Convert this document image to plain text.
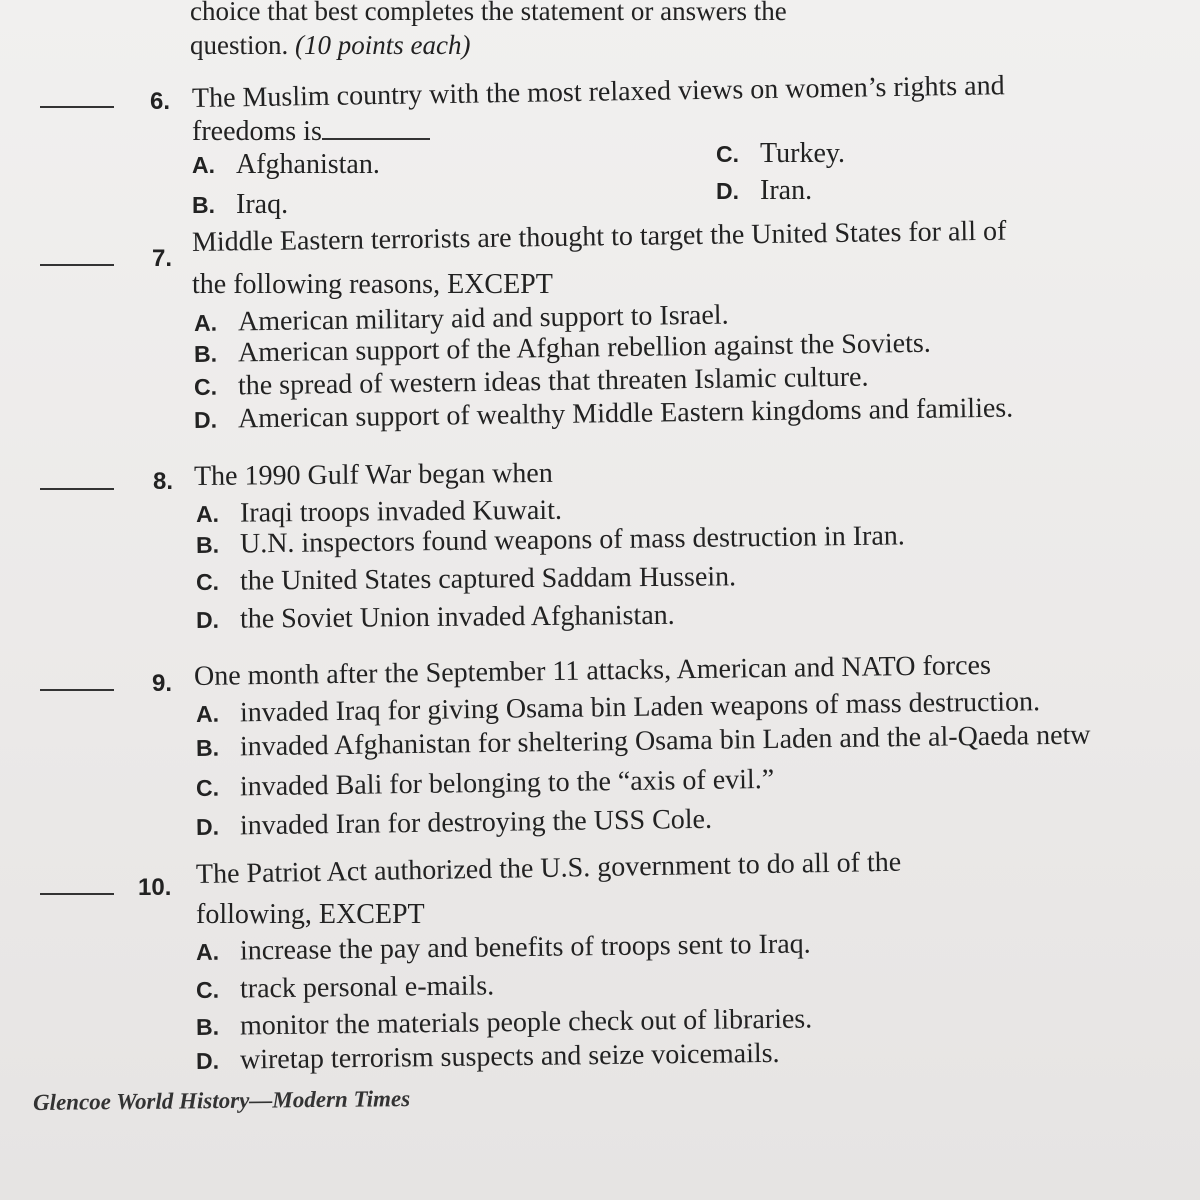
choice that best completes the statement or answers the
question. (10 points each)
6. The Muslim country with the most relaxed views on women’s rights and
freedoms is
A. Afghanistan.
B. Iraq.
C. Turkey.
D. Iran.
7.
Middle Eastern terrorists are thought to target the United States for all of
the following reasons, EXCEPT
A. American military aid and support to Israel.
B. American support of the Afghan rebellion against the Soviets.
C. the spread of western ideas that threaten Islamic culture.
D. American support of wealthy Middle Eastern kingdoms and families.
8. The 1990 Gulf War began when
A. Iraqi troops invaded Kuwait.
B. U.N. inspectors found weapons of mass destruction in Iran.
C. the United States captured Saddam Hussein.
D. the Soviet Union invaded Afghanistan.
9. One month after the September 11 attacks, American and NATO forces
A. invaded Iraq for giving Osama bin Laden weapons of mass destruction.
B. invaded Afghanistan for sheltering Osama bin Laden and the al-Qaeda netw
C. invaded Bali for belonging to the “axis of evil.”
D. invaded Iran for destroying the USS Cole.
10. The Patriot Act authorized the U.S. government to do all of the
following, EXCEPT
A. increase the pay and benefits of troops sent to Iraq.
C. track personal e-mails.
B. monitor the materials people check out of libraries.
D. wiretap terrorism suspects and seize voicemails.
Glencoe World History—Modern Times
